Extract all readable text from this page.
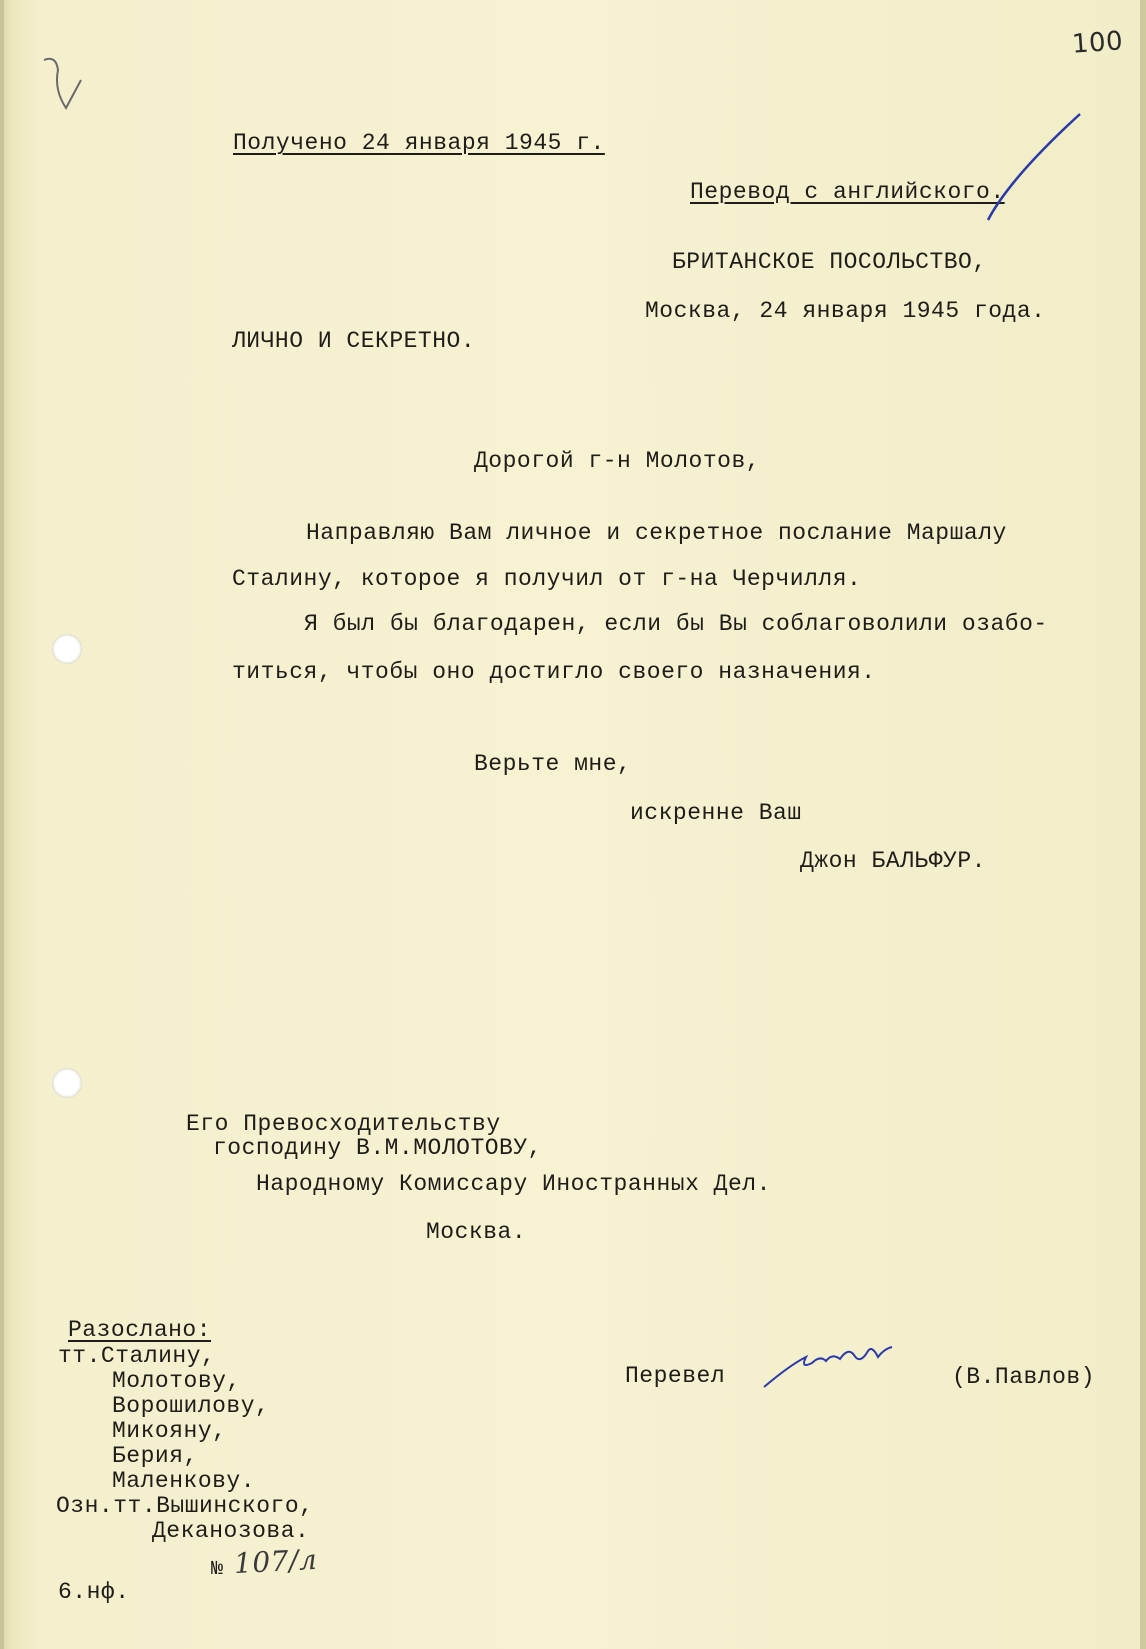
100
Получено 24 января 1945 г.
Перевод с английского.
БРИТАНСКОЕ ПОСОЛЬСТВО,
Москва, 24 января 1945 года.
ЛИЧНО И СЕКРЕТНО.
Дорогой г-н Молотов,
Направляю Вам личное и секретное послание Маршалу
Сталину, которое я получил от г-на Черчилля.
Я был бы благодарен, если бы Вы соблаговолили озабо-
титься, чтобы оно достигло своего назначения.
Верьте мне,
искренне Ваш
Джон БАЛЬФУР.
Его Превосходительству
господину В.М.МОЛОТОВУ,
Народному Комиссару Иностранных Дел.
Москва.
Разослано:
тт.Сталину,
Молотову,
Ворошилову,
Микояну,
Берия,
Маленкову.
Озн.тт.Вышинского,
Деканозова.
Перевел	(В.Павлов)
№ 107/л
6.нф.
